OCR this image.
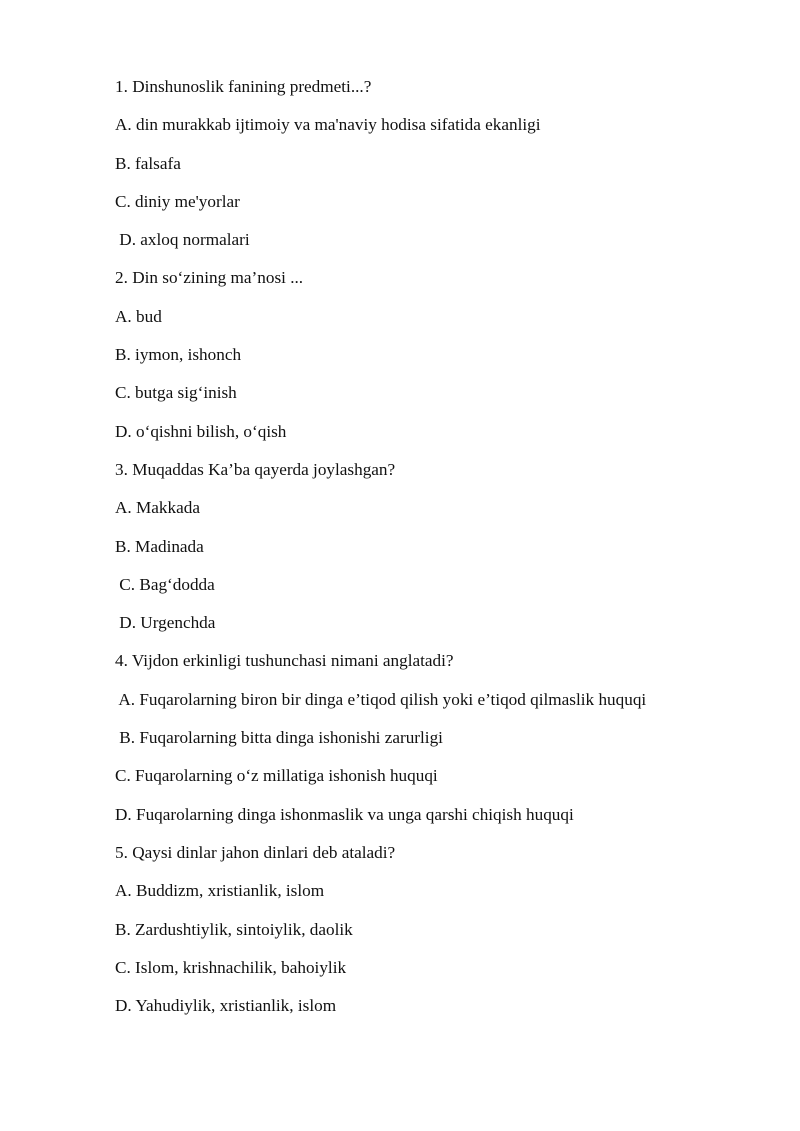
1. Dinshunoslik fanining predmeti...?
A. din murakkab ijtimoiy va ma'naviy hodisa sifatida ekanligi
B. falsafa
C. diniy me'yorlar
D. axloq normalari
2. Din so‘zining ma’nosi ...
A. bud
B. iymon, ishonch
C. butga sig‘inish
D. o‘qishni bilish, o‘qish
3. Muqaddas Ka’ba qayerda joylashgan?
A. Makkada
B. Madinada
C. Bag‘dodda
D. Urgenchda
4. Vijdon erkinligi tushunchasi nimani anglatadi?
A. Fuqarolarning biron bir dinga e’tiqod qilish yoki e’tiqod qilmaslik huquqi
B. Fuqarolarning bitta dinga ishonishi zarurligi
C. Fuqarolarning o‘z millatiga ishonish huquqi
D. Fuqarolarning dinga ishonmaslik va unga qarshi chiqish huquqi
5. Qaysi dinlar jahon dinlari deb ataladi?
A. Buddizm, xristianlik, islom
B. Zardushtiylik, sintoiylik, daolik
C. Islom, krishnachilik, bahoiylik
D. Yahudiylik, xristianlik, islom
